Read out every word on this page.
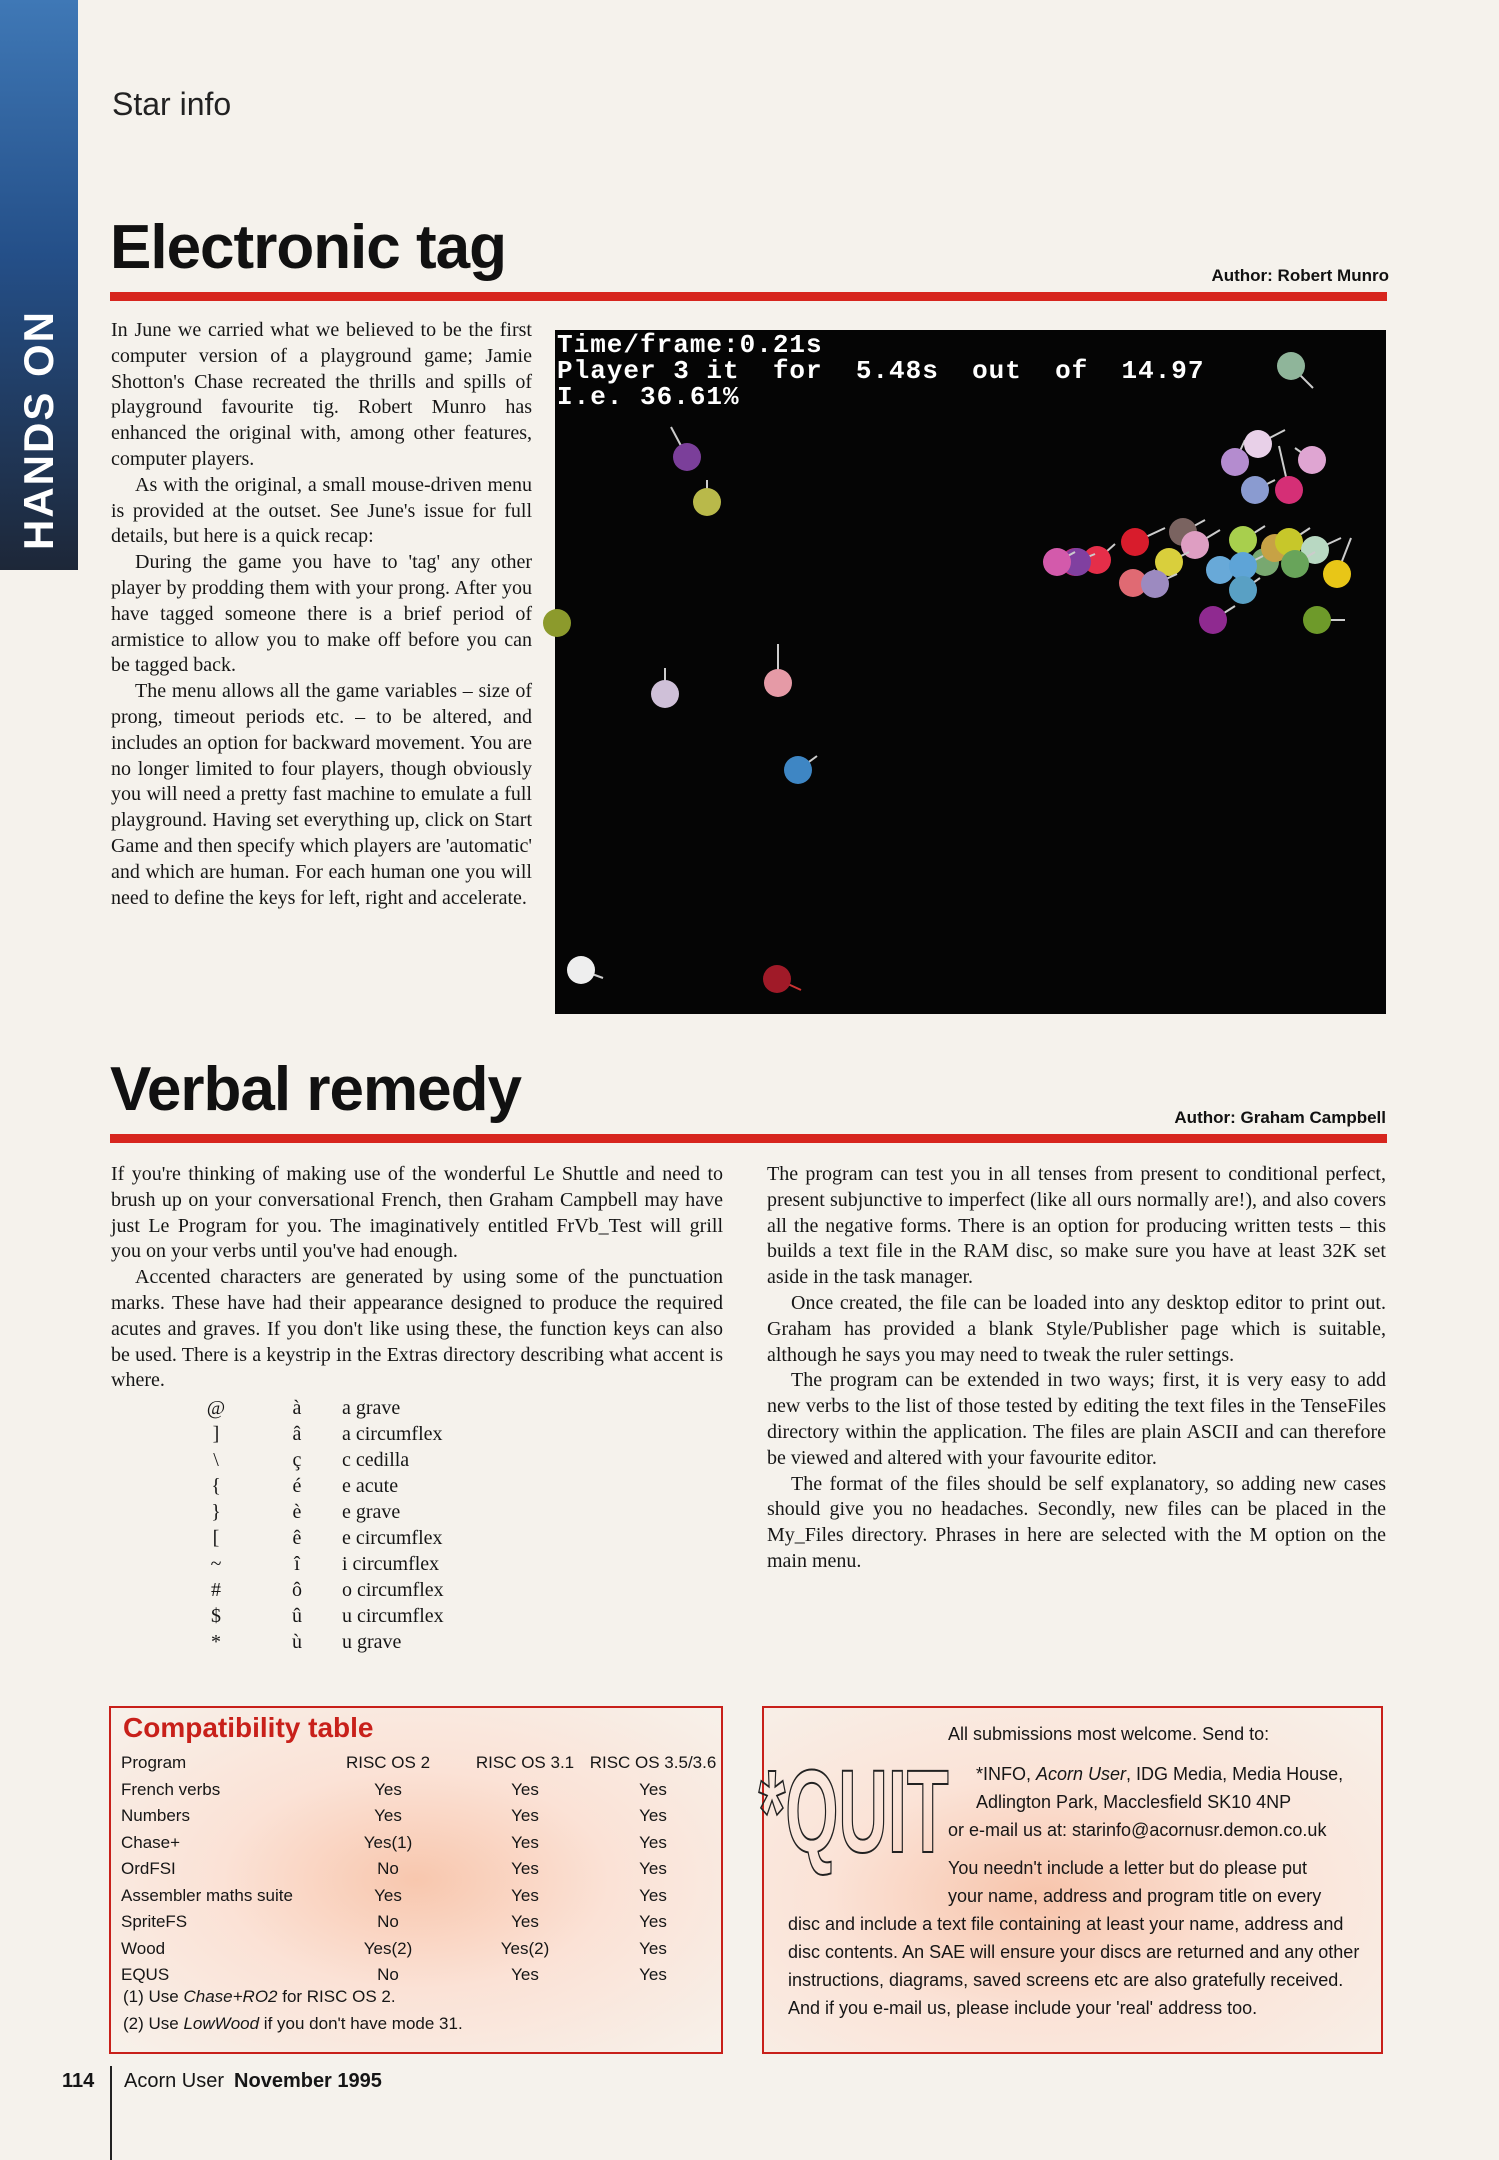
HANDS ON
Star info
Electronic tag	Author: Robert Munro

In June we carried what we believed to be the first computer version of a playground game; Jamie Shotton's Chase recreated the thrills and spills of playground favourite tig. Robert Munro has enhanced the original with, among other features, computer players.

As with the original, a small mouse-driven menu is provided at the outset. See June's issue for full details, but here is a quick recap:

During the game you have to 'tag' any other player by prodding them with your prong. After you have tagged someone there is a brief period of armistice to allow you to make off before you can be tagged back.

The menu allows all the game variables – size of prong, timeout periods etc. – to be altered, and includes an option for backward movement. You are no longer limited to four players, though obviously you will need a pretty fast machine to emulate a full playground. Having set everything up, click on Start Game and then specify which players are 'automatic' and which are human. For each human one you will need to define the keys for left, right and accelerate.

Time/frame:0.21s
Player 3 it  for  5.48s  out  of  14.97
I.e. 36.61%
Verbal remedy	Author: Graham Campbell

If you're thinking of making use of the wonderful Le Shuttle and need to brush up on your conversational French, then Graham Campbell may have just Le Program for you. The imaginatively entitled FrVb_Test will grill you on your verbs until you've had enough.

Accented characters are generated by using some of the punctuation marks. These have had their appearance designed to produce the required acutes and graves. If you don't like using these, the function keys can also be used. There is a keystrip in the Extras directory describing what accent is where.

@	à	a grave
]	â	a circumflex
\	ç	c cedilla
{	é	e acute
}	è	e grave
[	ê	e circumflex
~	î	i circumflex
#	ô	o circumflex
$	û	u circumflex
*	ù	u grave

The program can test you in all tenses from present to conditional perfect, present subjunctive to imperfect (like all ours normally are!), and also covers all the negative forms. There is an option for producing written tests – this builds a text file in the RAM disc, so make sure you have at least 32K set aside in the task manager.

Once created, the file can be loaded into any desktop editor to print out. Graham has provided a blank Style/Publisher page which is suitable, although he says you may need to tweak the ruler settings.

The program can be extended in two ways; first, it is very easy to add new verbs to the list of those tested by editing the text files in the TenseFiles directory within the application. The files are plain ASCII and can therefore be viewed and altered with your favourite editor.

The format of the files should be self explanatory, so adding new cases should give you no headaches. Secondly, new files can be placed in the My_Files directory. Phrases in here are selected with the M option on the main menu.

Compatibility table
Program	RISC OS 2	RISC OS 3.1	RISC OS 3.5/3.6
French verbs	Yes	Yes	Yes
Numbers	Yes	Yes	Yes
Chase+	Yes(1)	Yes	Yes
OrdFSI	No	Yes	Yes
Assembler maths suite	Yes	Yes	Yes
SpriteFS	No	Yes	Yes
Wood	Yes(2)	Yes(2)	Yes
EQUS	No	Yes	Yes
(1) Use Chase+RO2 for RISC OS 2.
(2) Use LowWood if you don't have mode 31.
*QUIT
All submissions most welcome. Send to:
*INFO, Acorn User, IDG Media, Media House,
Adlington Park, Macclesfield SK10 4NP
or e-mail us at: starinfo@acornusr.demon.co.uk
You needn't include a letter but do please put
your name, address and program title on every
disc and include a text file containing at least your name, address and disc contents. An SAE will ensure your discs are returned and any other instructions, diagrams, saved screens etc are also gratefully received. And if you e-mail us, please include your 'real' address too.
114	Acorn User November 1995
